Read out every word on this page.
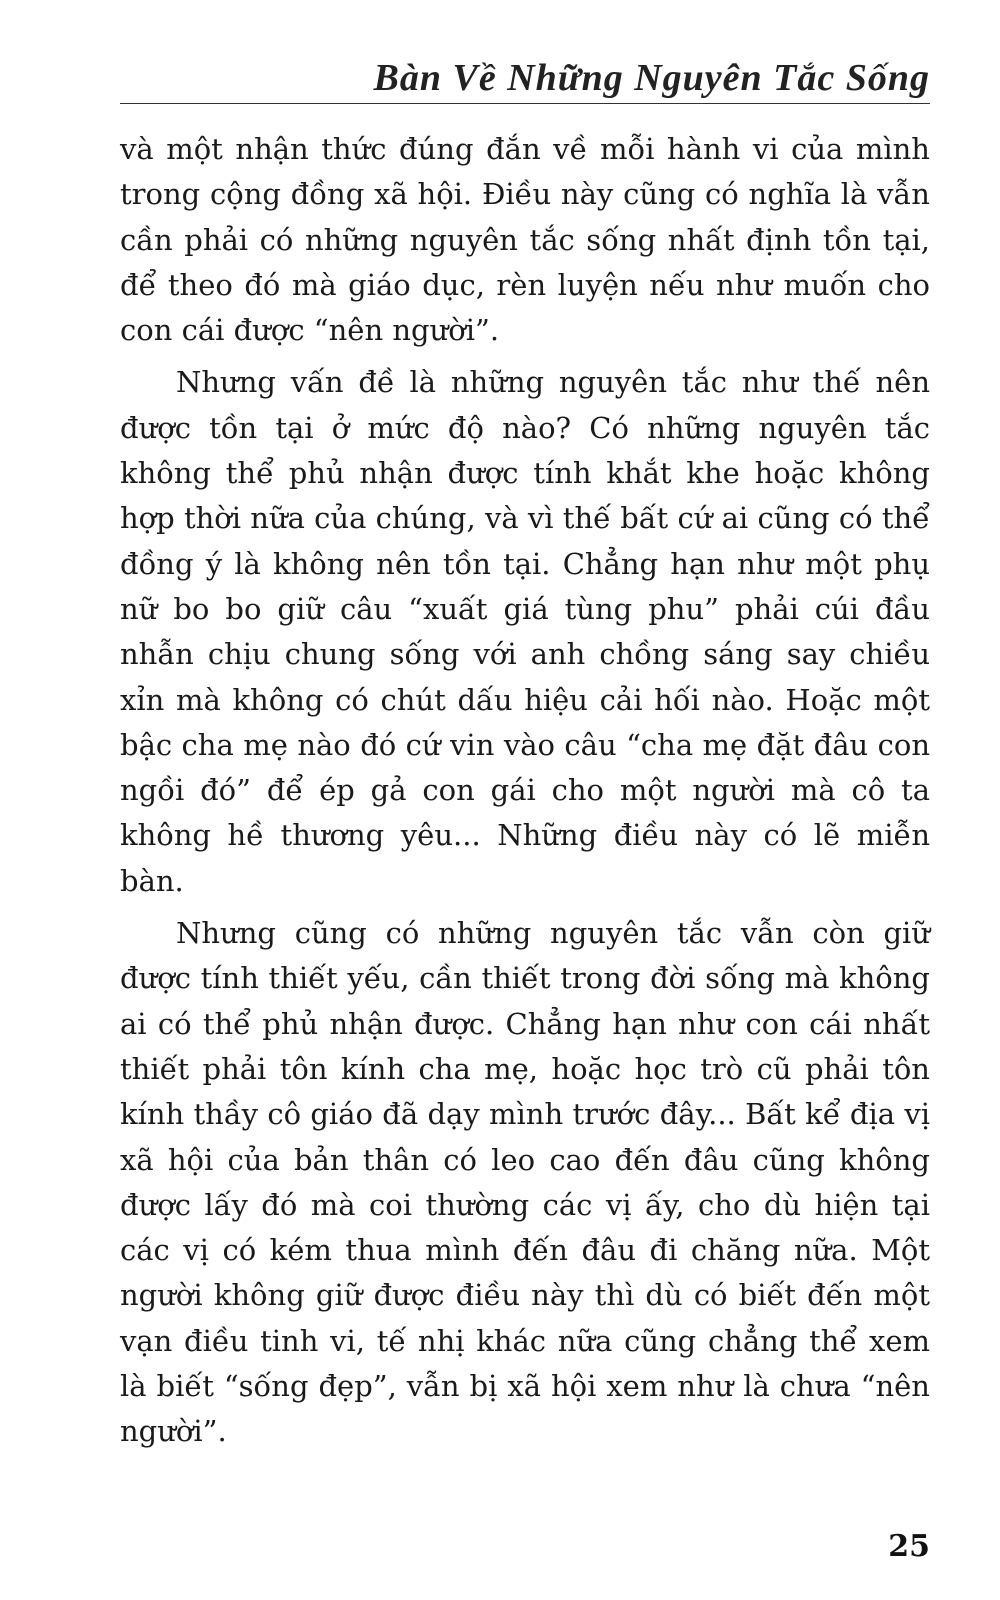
Bàn Về Những Nguyên Tắc Sống

và một nhận thức đúng đắn về mỗi hành vi của mình trong cộng đồng xã hội. Điều này cũng có nghĩa là vẫn cần phải có những nguyên tắc sống nhất định tồn tại, để theo đó mà giáo dục, rèn luyện nếu như muốn cho con cái được “nên người”.

Nhưng vấn đề là những nguyên tắc như thế nên được tồn tại ở mức độ nào? Có những nguyên tắc không thể phủ nhận được tính khắt khe hoặc không hợp thời nữa của chúng, và vì thế bất cứ ai cũng có thể đồng ý là không nên tồn tại. Chẳng hạn như một phụ nữ bo bo giữ câu “xuất giá tùng phu” phải cúi đầu nhẫn chịu chung sống với anh chồng sáng say chiều xỉn mà không có chút dấu hiệu cải hối nào. Hoặc một bậc cha mẹ nào đó cứ vin vào câu “cha mẹ đặt đâu con ngồi đó” để ép gả con gái cho một người mà cô ta không hề thương yêu... Những điều này có lẽ miễn bàn.

Nhưng cũng có những nguyên tắc vẫn còn giữ được tính thiết yếu, cần thiết trong đời sống mà không ai có thể phủ nhận được. Chẳng hạn như con cái nhất thiết phải tôn kính cha mẹ, hoặc học trò cũ phải tôn kính thầy cô giáo đã dạy mình trước đây... Bất kể địa vị xã hội của bản thân có leo cao đến đâu cũng không được lấy đó mà coi thường các vị ấy, cho dù hiện tại các vị có kém thua mình đến đâu đi chăng nữa. Một người không giữ được điều này thì dù có biết đến một vạn điều tinh vi, tế nhị khác nữa cũng chẳng thể xem là biết “sống đẹp”, vẫn bị xã hội xem như là chưa “nên người”.

25
